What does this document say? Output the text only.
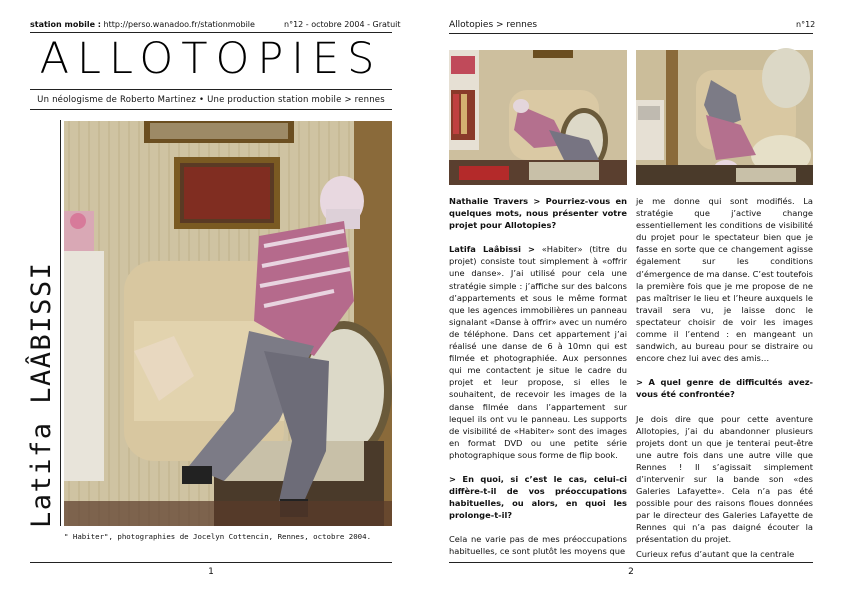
station mobile : http://perso.wanadoo.fr/stationmobile	n°12 - octobre 2004 - Gratuit
ALLOTOPIES
Un néologisme de Roberto Martinez • Une production station mobile > rennes
Latifa LAÂBISSI
" Habiter", photographies de Jocelyn Cottencin, Rennes, octobre 2004.
1
Allotopies > rennes	n°12

Nathalie Travers > Pourriez-vous en quelques mots, nous présenter votre projet pour Allotopies?

Latifa Laâbissi > «Habiter» (titre du projet) consiste tout simplement à «offrir une danse». J’ai utilisé pour cela une stratégie simple : j’affiche sur des balcons d’appartements et sous le même format que les agences immobilières un panneau signalant «Danse à offrir» avec un numéro de téléphone. Dans cet appartement j’ai réalisé une danse de 6 à 10mn qui est filmée et photographiée. Aux personnes qui me contactent je situe le cadre du projet et leur propose, si elles le souhaitent, de recevoir les images de la danse filmée dans l’appartement sur lequel ils ont vu le panneau. Les supports de visibilité de «Habiter» sont des images en format DVD ou une petite série photographique sous forme de flip book.

> En quoi, si c’est le cas, celui-ci diffère-t-il de vos préoccupations habituelles, ou alors, en quoi les prolonge-t-il?

Cela ne varie pas de mes préoccupations habituelles, ce sont plutôt les moyens que

je me donne qui sont modifiés. La stratégie que j’active change essentiellement les conditions de visibilité du projet pour le spectateur bien que je fasse en sorte que ce changement agisse également sur les conditions d’émergence de ma danse. C’est toutefois la première fois que je me propose de ne pas maîtriser le lieu et l’heure auxquels le travail sera vu, je laisse donc le spectateur choisir de voir les images comme il l’entend : en mangeant un sandwich, au bureau pour se distraire ou encore chez lui avec des amis…

> A quel genre de difficultés avez-vous été confrontée?

Je dois dire que pour cette aventure Allotopies, j’ai du abandonner plusieurs projets dont un que je tenterai peut-être une autre fois dans une autre ville que Rennes ! Il s’agissait simplement d’intervenir sur la bande son «des Galeries Lafayette». Cela n’a pas été possible pour des raisons floues données par le directeur des Galeries Lafayette de Rennes qui n’a pas daigné écouter la présentation du projet.

Curieux refus d’autant que la centrale

2
